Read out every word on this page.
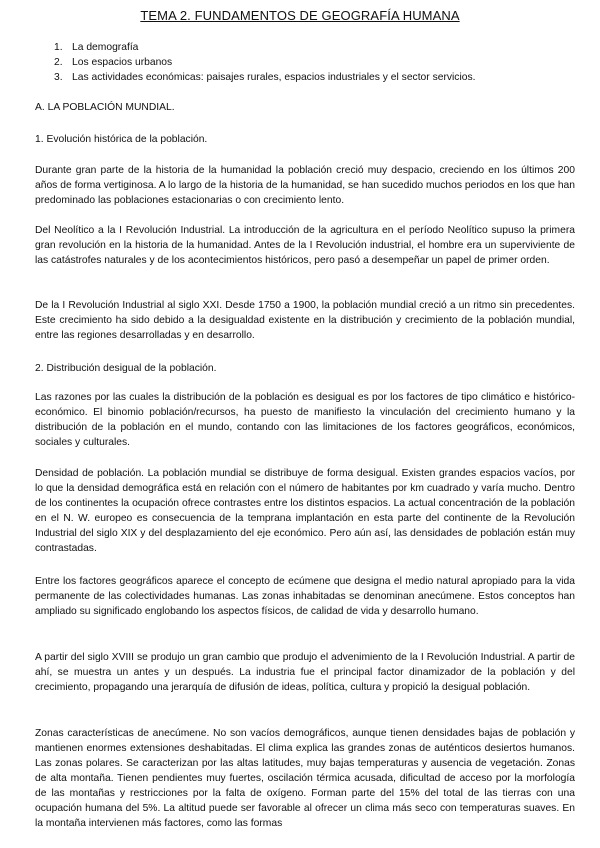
TEMA 2. FUNDAMENTOS DE GEOGRAFÍA HUMANA
1. La demografía
2. Los espacios urbanos
3. Las actividades económicas: paisajes rurales, espacios industriales y el sector servicios.

A. LA POBLACIÓN MUNDIAL.

1. Evolución histórica de la población.

Durante gran parte de la historia de la humanidad la población creció muy despacio, creciendo en los últimos 200 años de forma vertiginosa. A lo largo de la historia de la humanidad, se han sucedido muchos periodos en los que han predominado las poblaciones estacionarias o con crecimiento lento.

Del Neolítico a la I Revolución Industrial. La introducción de la agricultura en el período Neolítico supuso la primera gran revolución en la historia de la humanidad. Antes de la I Revolución industrial, el hombre era un superviviente de las catástrofes naturales y de los acontecimientos históricos, pero pasó a desempeñar un papel de primer orden.

De la I Revolución Industrial al siglo XXI. Desde 1750 a 1900, la población mundial creció a un ritmo sin precedentes. Este crecimiento ha sido debido a la desigualdad existente en la distribución y crecimiento de la población mundial, entre las regiones desarrolladas y en desarrollo.

2. Distribución desigual de la población.

Las razones por las cuales la distribución de la población es desigual es por los factores de tipo climático e histórico-económico. El binomio población/recursos, ha puesto de manifiesto la vinculación del crecimiento humano y la distribución de la población en el mundo, contando con las limitaciones de los factores geográficos, económicos, sociales y culturales.

Densidad de población. La población mundial se distribuye de forma desigual. Existen grandes espacios vacíos, por lo que la densidad demográfica está en relación con el número de habitantes por km cuadrado y varía mucho. Dentro de los continentes la ocupación ofrece contrastes entre los distintos espacios. La actual concentración de la población en el N. W. europeo es consecuencia de la temprana implantación en esta parte del continente de la Revolución Industrial del siglo XIX y del desplazamiento del eje económico. Pero aún así, las densidades de población están muy contrastadas.

Entre los factores geográficos aparece el concepto de ecúmene que designa el medio natural apropiado para la vida permanente de las colectividades humanas. Las zonas inhabitadas se denominan anecúmene. Estos conceptos han ampliado su significado englobando los aspectos físicos, de calidad de vida y desarrollo humano.

A partir del siglo XVIII se produjo un gran cambio que produjo el advenimiento de la I Revolución Industrial. A partir de ahí, se muestra un antes y un después. La industria fue el principal factor dinamizador de la población y del crecimiento, propagando una jerarquía de difusión de ideas, política, cultura y propició la desigual población.

Zonas características de anecúmene. No son vacíos demográficos, aunque tienen densidades bajas de población y mantienen enormes extensiones deshabitadas. El clima explica las grandes zonas de auténticos desiertos humanos. Las zonas polares. Se caracterizan por las altas latitudes, muy bajas temperaturas y ausencia de vegetación. Zonas de alta montaña. Tienen pendientes muy fuertes, oscilación térmica acusada, dificultad de acceso por la morfología de las montañas y restricciones por la falta de oxígeno. Forman parte del 15% del total de las tierras con una ocupación humana del 5%. La altitud puede ser favorable al ofrecer un clima más seco con temperaturas suaves. En la montaña intervienen más factores, como las formas
